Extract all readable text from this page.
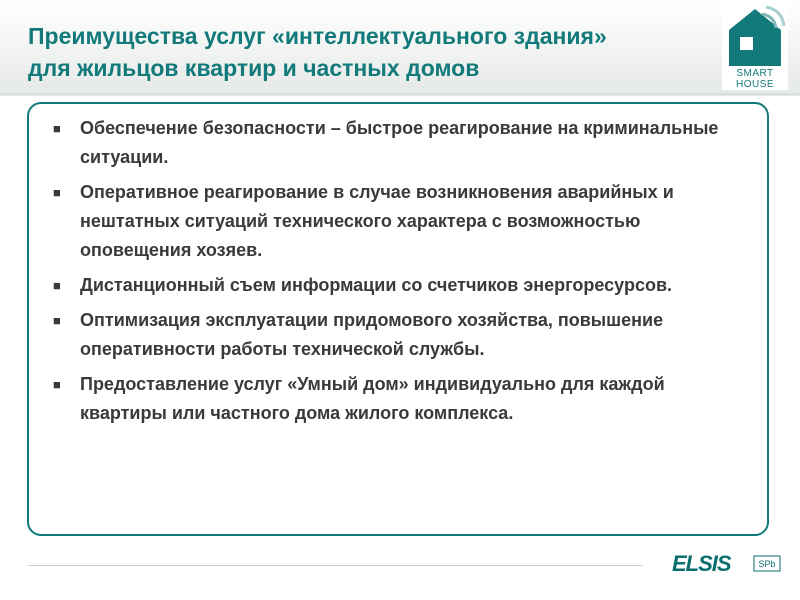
Преимущества услуг «интеллектуального здания»
для жильцов квартир и частных домов	SMART
HOUSE
■ Обеспечение безопасности – быстрое реагирование на криминальные ситуации.
■ Оперативное реагирование в случае возникновения аварийных и нештатных ситуаций технического характера с возможностью оповещения хозяев.
■ Дистанционный съем информации со счетчиков энергоресурсов.
■ Оптимизация эксплуатации придомового хозяйства, повышение оперативности работы технической службы.
■ Предоставление услуг «Умный дом» индивидуально для каждой квартиры или частного дома жилого комплекса.
ELSIS	SPb
